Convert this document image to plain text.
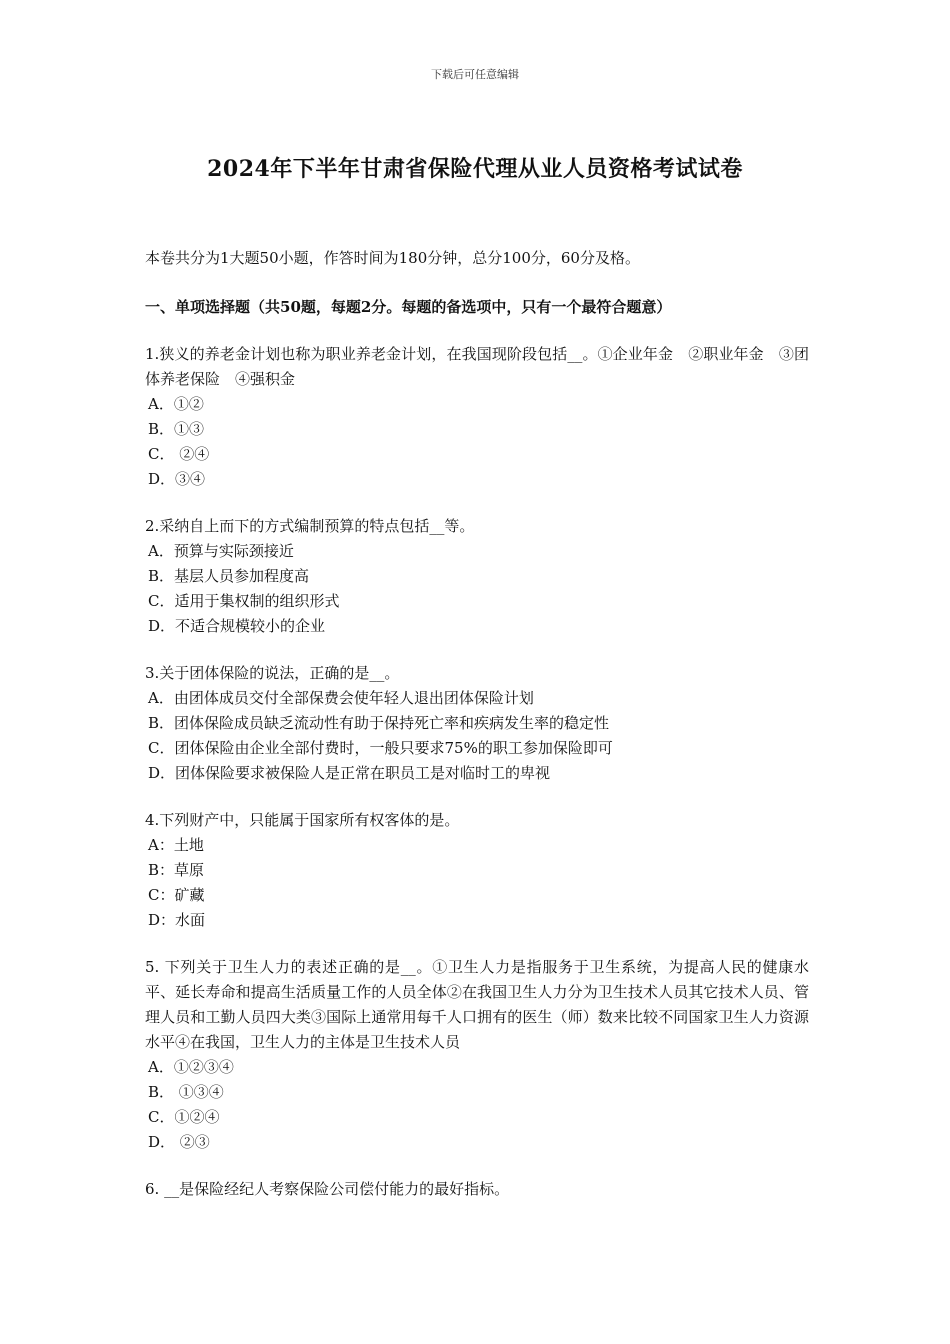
下载后可任意编辑
2024年下半年甘肃省保险代理从业人员资格考试试卷
本卷共分为1大题50小题，作答时间为180分钟，总分100分，60分及格。
一、单项选择题（共50题，每题2分。每题的备选项中，只有一个最符合题意）
1.狭义的养老金计划也称为职业养老金计划，在我国现阶段包括__。①企业年金　②职业年金　③团体养老保险　④强积金
A．①②
B．①③
C． ②④
D．③④
2.采纳自上而下的方式编制预算的特点包括__等。
A．预算与实际颈接近
B．基层人员参加程度高
C．适用于集权制的组织形式
D．不适合规模较小的企业
3.关于团体保险的说法，正确的是__。
A．由团体成员交付全部保费会使年轻人退出团体保险计划
B．团体保险成员缺乏流动性有助于保持死亡率和疾病发生率的稳定性
C．团体保险由企业全部付费时，一般只要求75%的职工参加保险即可
D．团体保险要求被保险人是正常在职员工是对临时工的卑视
4.下列财产中，只能属于国家所有权客体的是。
A：土地
B：草原
C：矿藏
D：水面
5. 下列关于卫生人力的表述正确的是__。①卫生人力是指服务于卫生系统，为提高人民的健康水平、延长寿命和提高生活质量工作的人员全体②在我国卫生人力分为卫生技术人员其它技术人员、管理人员和工勤人员四大类③国际上通常用每千人口拥有的医生（师）数来比较不同国家卫生人力资源水平④在我国，卫生人力的主体是卫生技术人员
A．①②③④
B． ①③④
C．①②④
D． ②③
6. __是保险经纪人考察保险公司偿付能力的最好指标。
